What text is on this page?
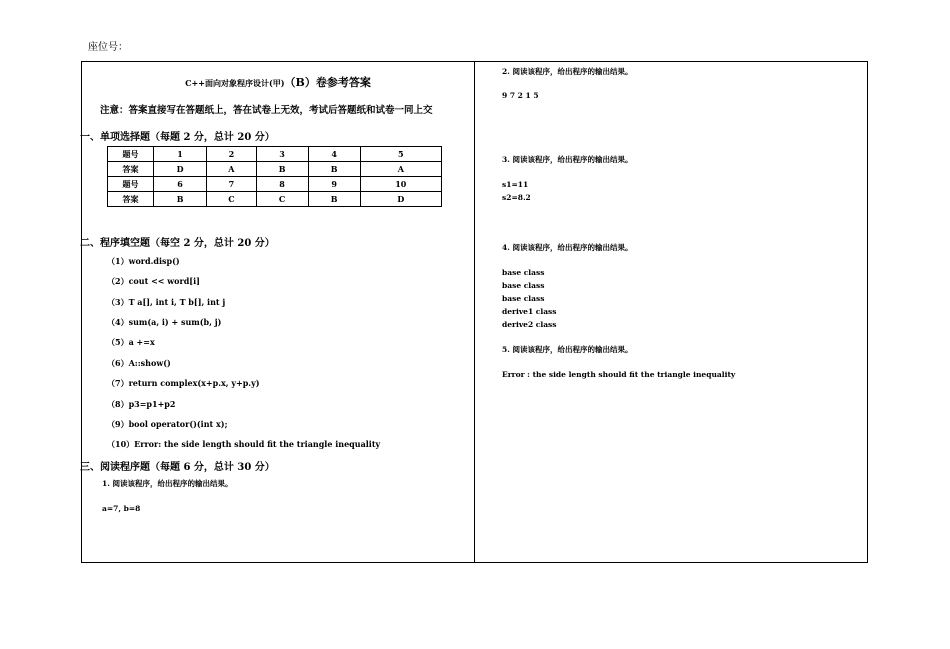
座位号：
C++面向对象程序设计(甲)（B）卷参考答案
注意：答案直接写在答题纸上，答在试卷上无效，考试后答题纸和试卷一同上交
一、单项选择题（每题 2 分，总计 20 分）
题号	1	2	3	4	5
答案	D	A	B	B	A
题号	6	7	8	9	10
答案	B	C	C	B	D
二、程序填空题（每空 2 分，总计 20 分）
（1）word.disp()
（2）cout << word[i]
（3）T a[], int i, T b[], int j
（4）sum(a, i) + sum(b, j)
（5）a +=x
（6）A::show()
（7）return complex(x+p.x, y+p.y)
（8）p3=p1+p2
（9）bool operator()(int x);
（10）Error: the side length should fit the triangle inequality
三、阅读程序题（每题 6 分，总计 30 分）
1. 阅读该程序，给出程序的输出结果。
a=7, b=8
2. 阅读该程序，给出程序的输出结果。
9 7 2 1 5
3. 阅读该程序，给出程序的输出结果。
s1=11
s2=8.2
4. 阅读该程序，给出程序的输出结果。
base class
base class
base class
derive1 class
derive2 class
5. 阅读该程序，给出程序的输出结果。
Error : the side length should fit the triangle inequality
